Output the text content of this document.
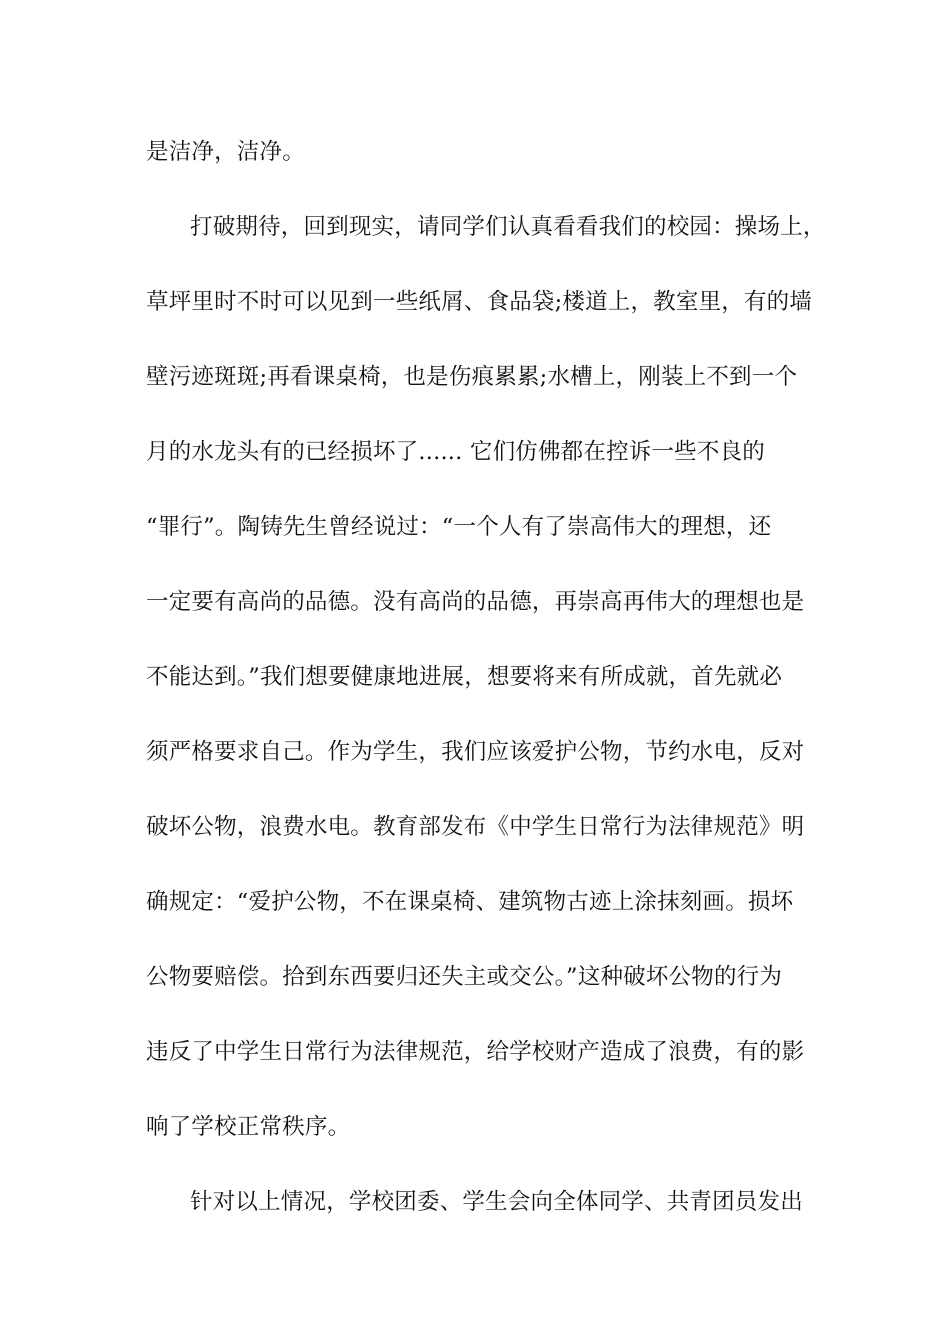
是洁净，洁净。
打破期待，回到现实，请同学们认真看看我们的校园：操场上，
草坪里时不时可以见到一些纸屑、食品袋;楼道上，教室里，有的墙
壁污迹斑斑;再看课桌椅，也是伤痕累累;水槽上，刚装上不到一个
月的水龙头有的已经损坏了...... 它们仿佛都在控诉一些不良的
“罪行”。陶铸先生曾经说过：“一个人有了崇高伟大的理想，还
一定要有高尚的品德。没有高尚的品德，再崇高再伟大的理想也是
不能达到。”我们想要健康地进展，想要将来有所成就，首先就必
须严格要求自己。作为学生，我们应该爱护公物，节约水电，反对
破坏公物，浪费水电。教育部发布《中学生日常行为法律规范》明
确规定：“爱护公物，不在课桌椅、建筑物古迹上涂抹刻画。损坏
公物要赔偿。拾到东西要归还失主或交公。”这种破坏公物的行为
违反了中学生日常行为法律规范，给学校财产造成了浪费，有的影
响了学校正常秩序。
针对以上情况，学校团委、学生会向全体同学、共青团员发出
